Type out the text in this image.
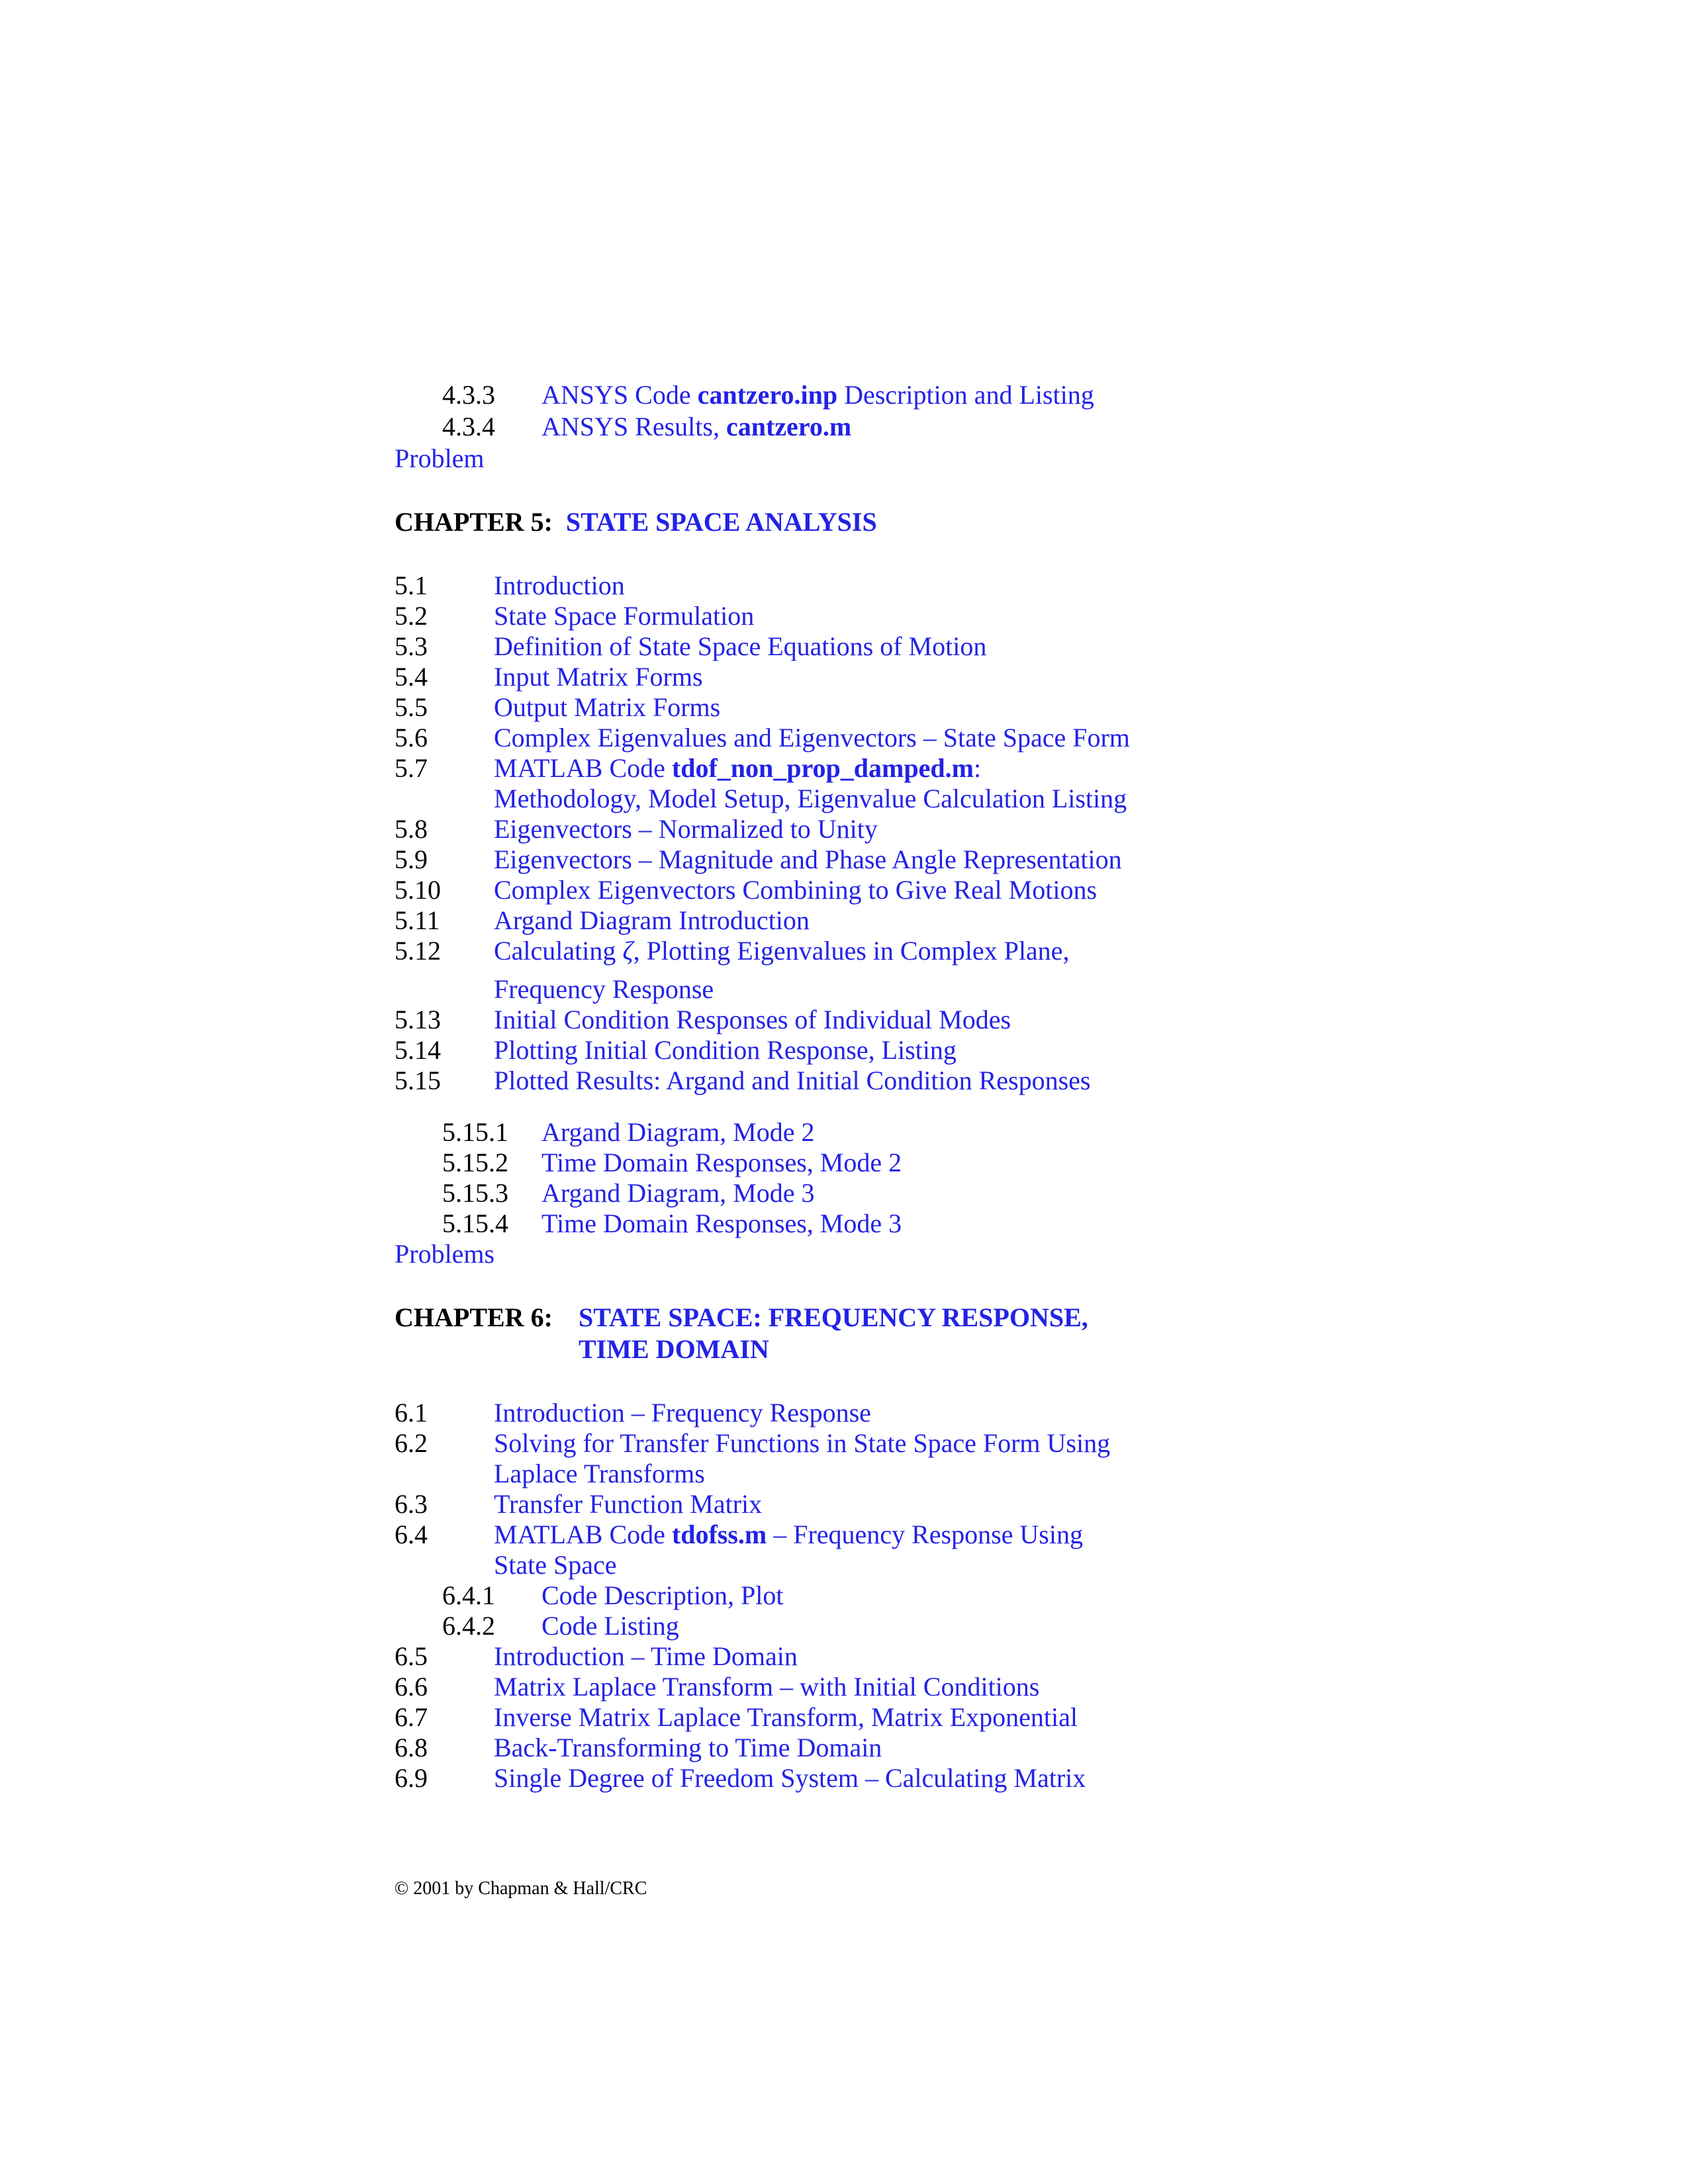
4.3.3 ANSYS Code cantzero.inp Description and Listing
4.3.4 ANSYS Results, cantzero.m
Problem
CHAPTER 5: STATE SPACE ANALYSIS
5.1	Introduction
5.2	State Space Formulation
5.3	Definition of State Space Equations of Motion
5.4	Input Matrix Forms
5.5	Output Matrix Forms
5.6	Complex Eigenvalues and Eigenvectors – State Space Form
5.7	MATLAB Code tdof_non_prop_damped.m:
Methodology, Model Setup, Eigenvalue Calculation Listing
5.8	Eigenvectors – Normalized to Unity
5.9	Eigenvectors – Magnitude and Phase Angle Representation
5.10 Complex Eigenvectors Combining to Give Real Motions
5.11 Argand Diagram Introduction
5.12 Calculating ζ, Plotting Eigenvalues in Complex Plane,
Frequency Response
5.13 Initial Condition Responses of Individual Modes
5.14 Plotting Initial Condition Response, Listing
5.15 Plotted Results: Argand and Initial Condition Responses
5.15.1 Argand Diagram, Mode 2
5.15.2 Time Domain Responses, Mode 2
5.15.3 Argand Diagram, Mode 3
5.15.4 Time Domain Responses, Mode 3
Problems
CHAPTER 6: STATE SPACE: FREQUENCY RESPONSE,
TIME DOMAIN
6.1	Introduction – Frequency Response
6.2	Solving for Transfer Functions in State Space Form Using
Laplace Transforms
6.3	Transfer Function Matrix
6.4	MATLAB Code tdofss.m – Frequency Response Using
State Space
6.4.1 Code Description, Plot
6.4.2 Code Listing
6.5	Introduction – Time Domain
6.6	Matrix Laplace Transform – with Initial Conditions
6.7	Inverse Matrix Laplace Transform, Matrix Exponential
6.8	Back-Transforming to Time Domain
6.9	Single Degree of Freedom System – Calculating Matrix
© 2001 by Chapman & Hall/CRC
